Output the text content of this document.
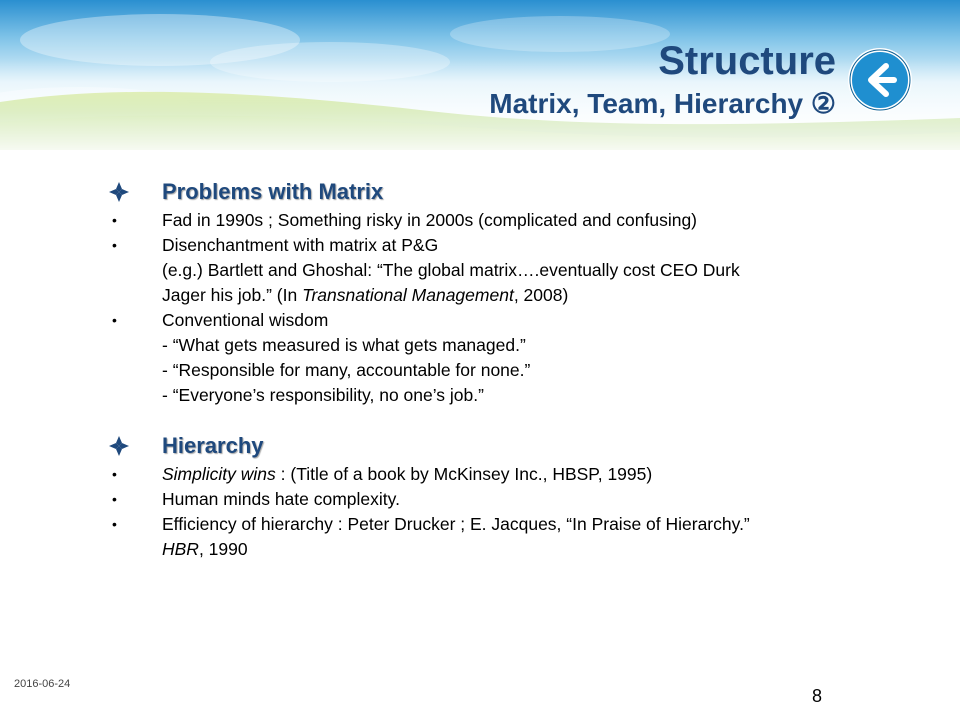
Structure
Matrix, Team, Hierarchy ②
Problems with Matrix
•	Fad in 1990s ; Something risky in 2000s (complicated and confusing)
•	Disenchantment with matrix at P&G
(e.g.) Bartlett and Ghoshal: “The global matrix….eventually cost CEO Durk
Jager his job.” (In Transnational Management, 2008)
•	Conventional wisdom
- “What gets measured is what gets managed.”
- “Responsible for many, accountable for none.”
- “Everyone’s responsibility, no one’s job.”
Hierarchy
•	Simplicity wins : (Title of a book by McKinsey Inc., HBSP, 1995)
•	Human minds hate complexity.
•	Efficiency of hierarchy : Peter Drucker ; E. Jacques, “In Praise of Hierarchy.”
HBR, 1990
2016-06-24
8
